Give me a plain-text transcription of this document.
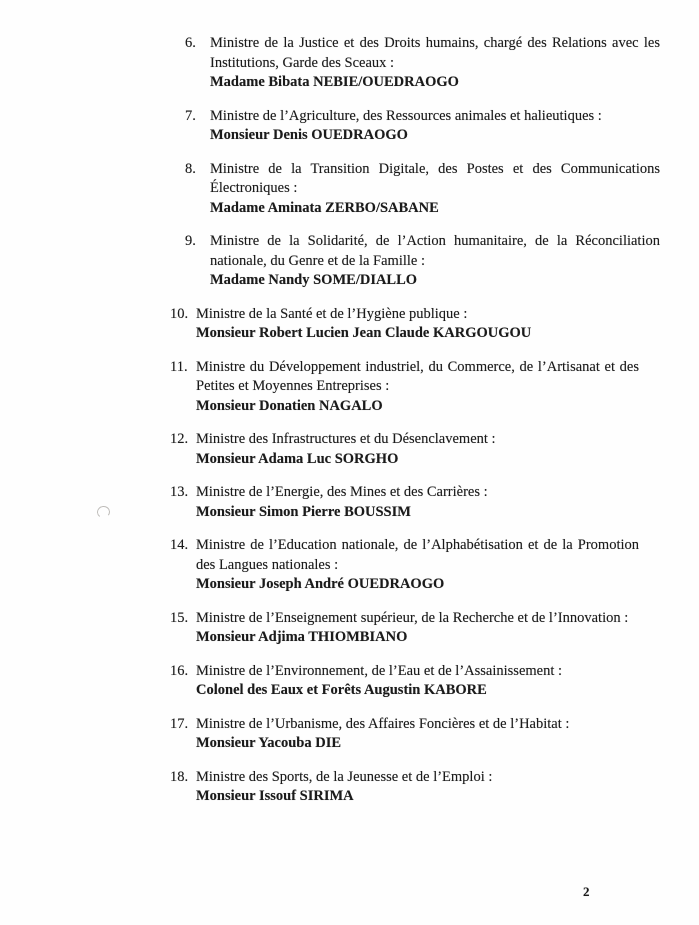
6. Ministre de la Justice et des Droits humains, chargé des Relations avec les Institutions, Garde des Sceaux :
Madame Bibata NEBIE/OUEDRAOGO
7. Ministre de l’Agriculture, des Ressources animales et halieutiques :
Monsieur Denis OUEDRAOGO
8. Ministre de la Transition Digitale, des Postes et des Communications Électroniques :
Madame Aminata ZERBO/SABANE
9. Ministre de la Solidarité, de l’Action humanitaire, de la Réconciliation nationale, du Genre et de la Famille :
Madame Nandy SOME/DIALLO
10. Ministre de la Santé et de l’Hygiène publique :
Monsieur Robert Lucien Jean Claude KARGOUGOU
11. Ministre du Développement industriel, du Commerce, de l’Artisanat et des Petites et Moyennes Entreprises :
Monsieur Donatien NAGALO
12. Ministre des Infrastructures et du Désenclavement :
Monsieur Adama Luc SORGHO
13. Ministre de l’Energie, des Mines et des Carrières :
Monsieur Simon Pierre BOUSSIM
14. Ministre de l’Education nationale, de l’Alphabétisation et de la Promotion des Langues nationales :
Monsieur Joseph André OUEDRAOGO
15. Ministre de l’Enseignement supérieur, de la Recherche et de l’Innovation :
Monsieur Adjima THIOMBIANO
16. Ministre de l’Environnement, de l’Eau et de l’Assainissement :
Colonel des Eaux et Forêts Augustin KABORE
17. Ministre de l’Urbanisme, des Affaires Foncières et de l’Habitat :
Monsieur Yacouba DIE
18. Ministre des Sports, de la Jeunesse et de l’Emploi :
Monsieur Issouf SIRIMA
2
